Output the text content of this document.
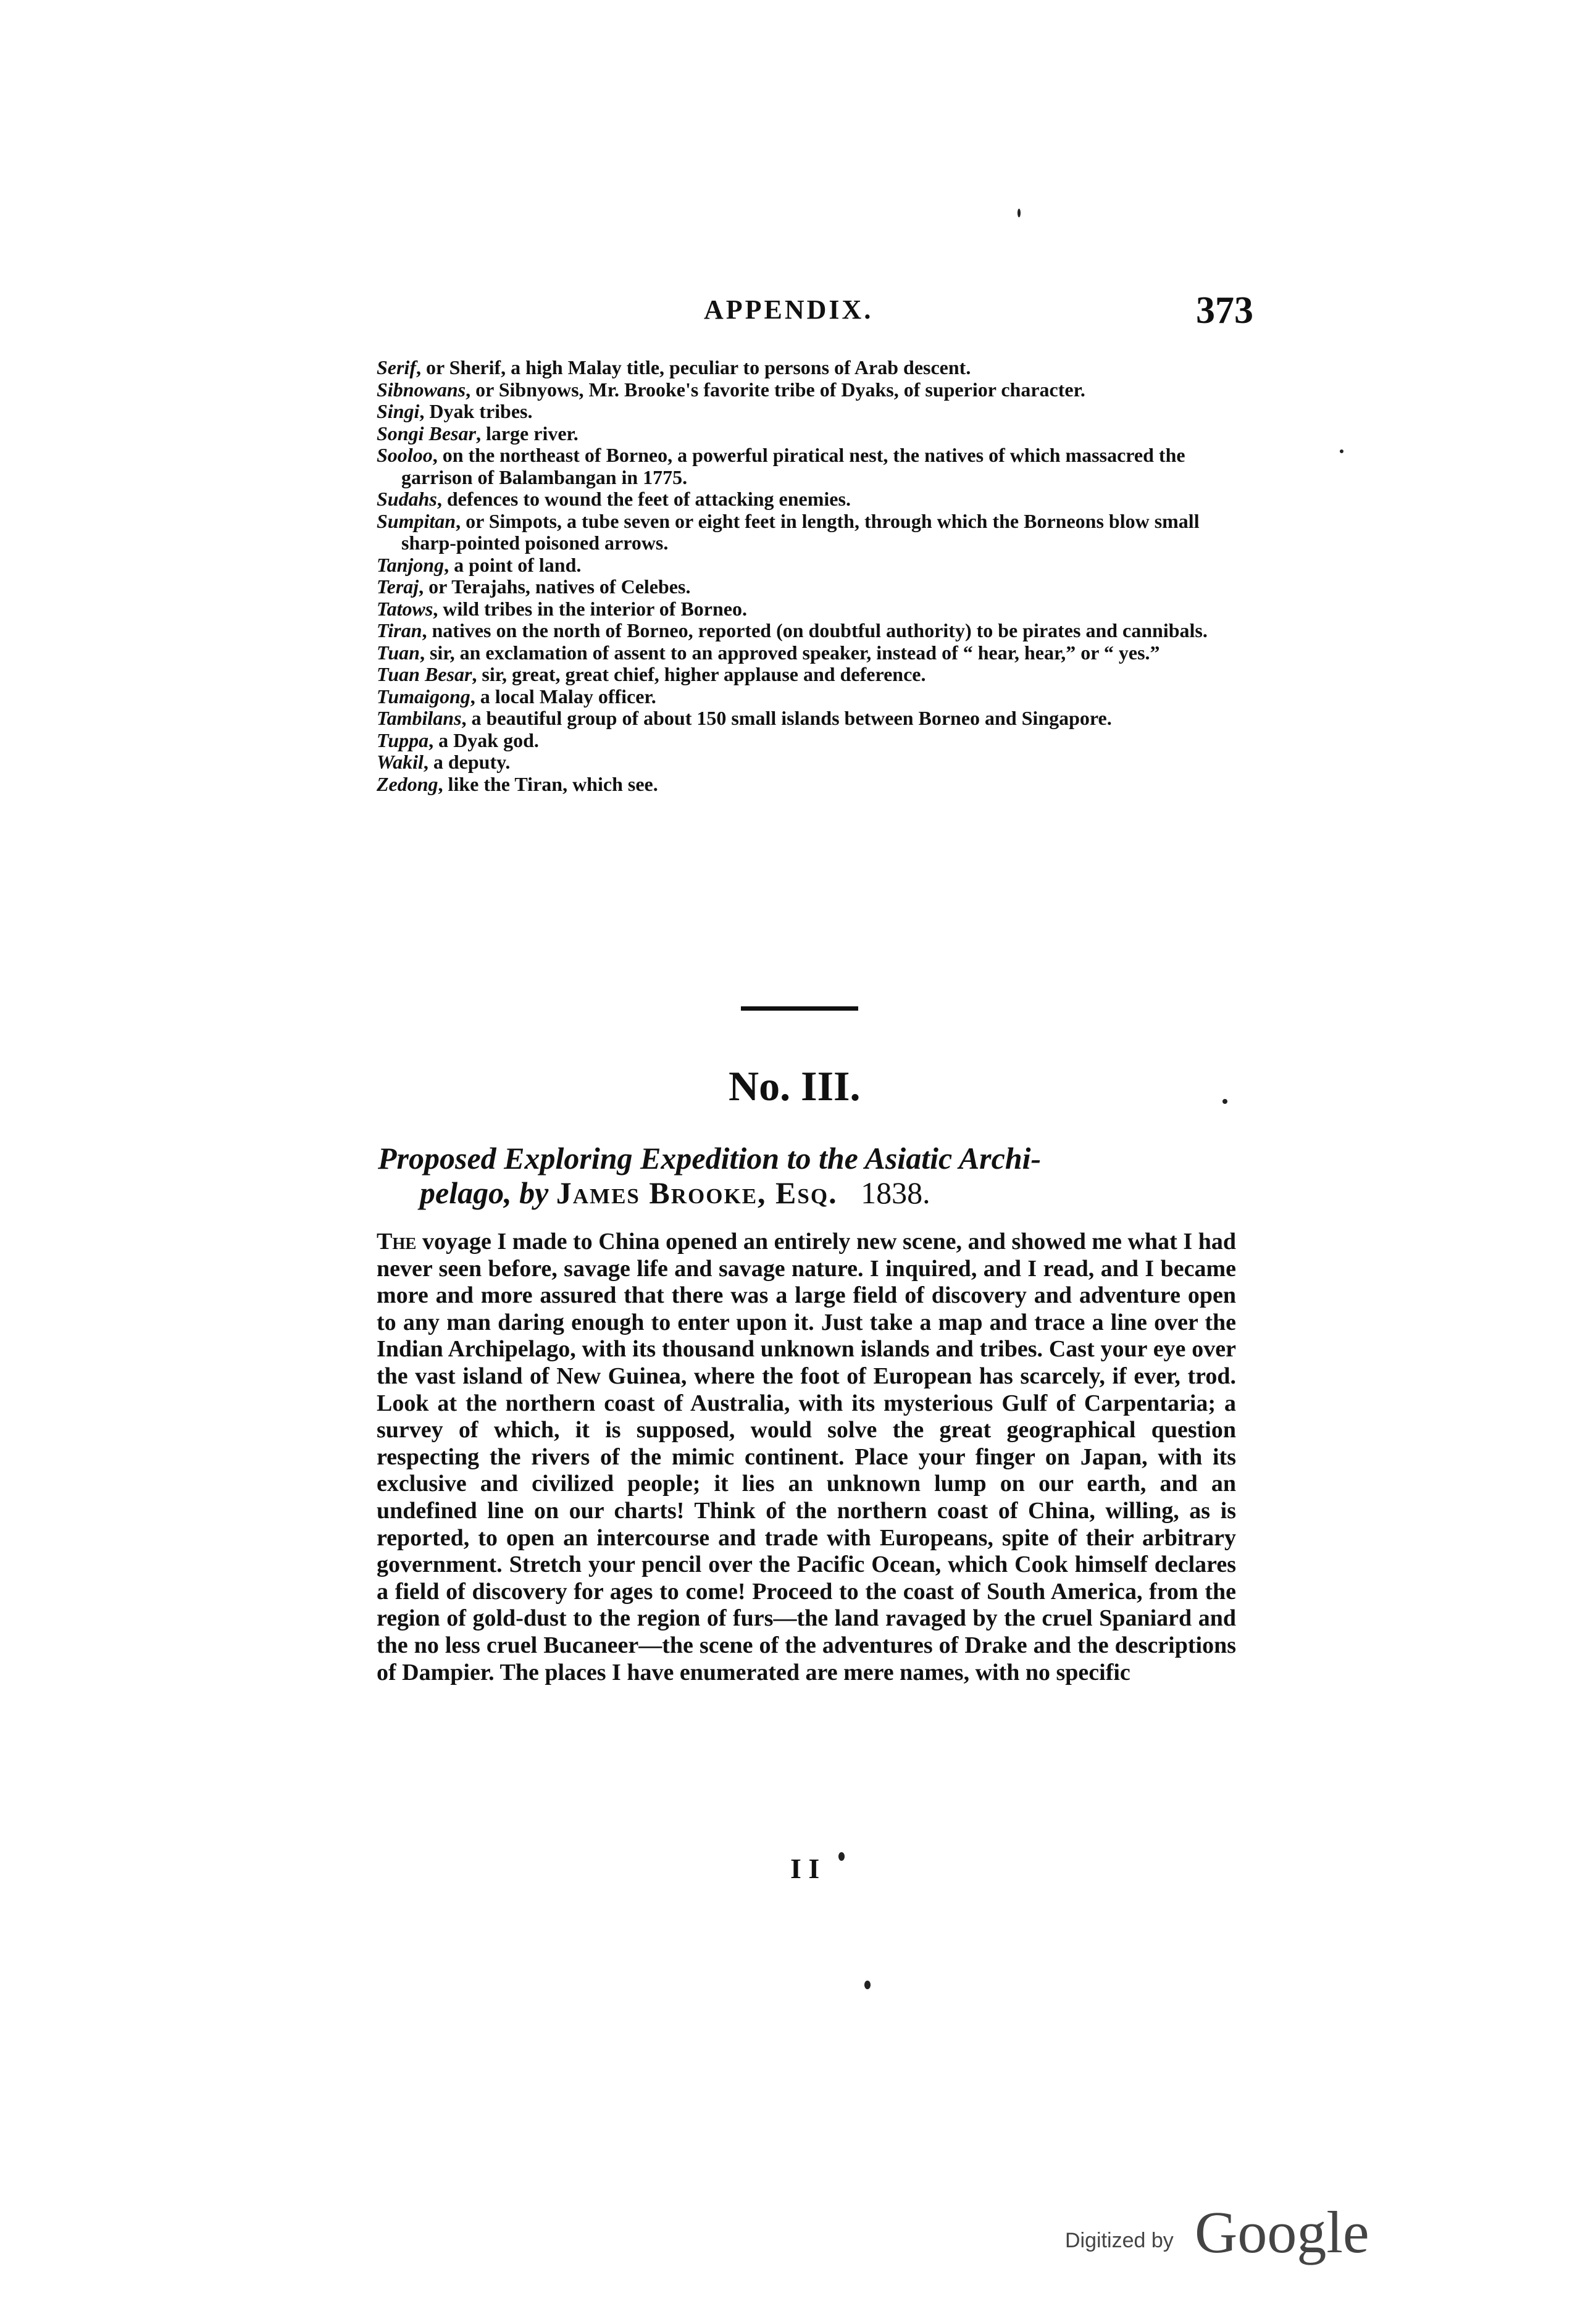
APPENDIX.	373
Serif, or Sherif, a high Malay title, peculiar to persons of Arab descent.
Sibnowans, or Sibnyows, Mr. Brooke's favorite tribe of Dyaks, of superior character.
Singi, Dyak tribes.
Songi Besar, large river.
Sooloo, on the northeast of Borneo, a powerful piratical nest, the natives of which massacred the garrison of Balambangan in 1775.
Sudahs, defences to wound the feet of attacking enemies.
Sumpitan, or Simpots, a tube seven or eight feet in length, through which the Borneons blow small sharp-pointed poisoned arrows.
Tanjong, a point of land.
Teraj, or Terajahs, natives of Celebes.
Tatows, wild tribes in the interior of Borneo.
Tiran, natives on the north of Borneo, reported (on doubtful authority) to be pirates and cannibals.
Tuan, sir, an exclamation of assent to an approved speaker, instead of “ hear, hear,” or “ yes.”
Tuan Besar, sir, great, great chief, higher applause and deference.
Tumaigong, a local Malay officer.
Tambilans, a beautiful group of about 150 small islands between Borneo and Singapore.
Tuppa, a Dyak god.
Wakil, a deputy.
Zedong, like the Tiran, which see.
No. III.
Proposed Exploring Expedition to the Asiatic Archi-
pelago, by James Brooke, Esq. 1838.
The voyage I made to China opened an entirely new scene, and showed me what I had never seen before, savage life and savage nature. I inquired, and I read, and I became more and more assured that there was a large field of discovery and adventure open to any man daring enough to enter upon it. Just take a map and trace a line over the Indian Archipelago, with its thousand unknown islands and tribes. Cast your eye over the vast island of New Guinea, where the foot of European has scarcely, if ever, trod. Look at the northern coast of Australia, with its mysterious Gulf of Carpentaria; a survey of which, it is supposed, would solve the great geographical question respecting the rivers of the mimic continent. Place your finger on Japan, with its exclusive and civilized people; it lies an unknown lump on our earth, and an undefined line on our charts! Think of the northern coast of China, willing, as is reported, to open an intercourse and trade with Europeans, spite of their arbitrary government. Stretch your pencil over the Pacific Ocean, which Cook himself declares a field of discovery for ages to come! Proceed to the coast of South America, from the region of gold-dust to the region of furs—the land ravaged by the cruel Spaniard and the no less cruel Bucaneer—the scene of the adventures of Drake and the descriptions of Dampier. The places I have enumerated are mere names, with no specific
I I
Digitized by Google
